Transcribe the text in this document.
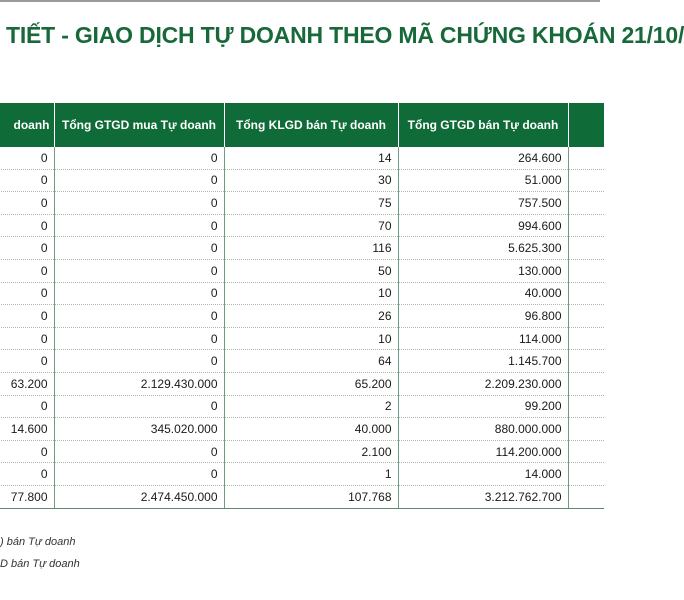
TIẾT - GIAO DỊCH TỰ DOANH THEO MÃ CHỨNG KHOÁN 21/10/
doanh	Tổng GTGD mua Tự doanh	Tổng KLGD bán Tự doanh	Tổng GTGD bán Tự doanh	
0	0	14	264.600	
0	0	30	51.000	
0	0	75	757.500	
0	0	70	994.600	
0	0	116	5.625.300	
0	0	50	130.000	
0	0	10	40.000	
0	0	26	96.800	
0	0	10	114.000	
0	0	64	1.145.700	
63.200	2.129.430.000	65.200	2.209.230.000	
0	0	2	99.200	
14.600	345.020.000	40.000	880.000.000	
0	0	2.100	114.200.000	
0	0	1	14.000	
77.800	2.474.450.000	107.768	3.212.762.700	
) bán Tự doanh
D bán Tự doanh
